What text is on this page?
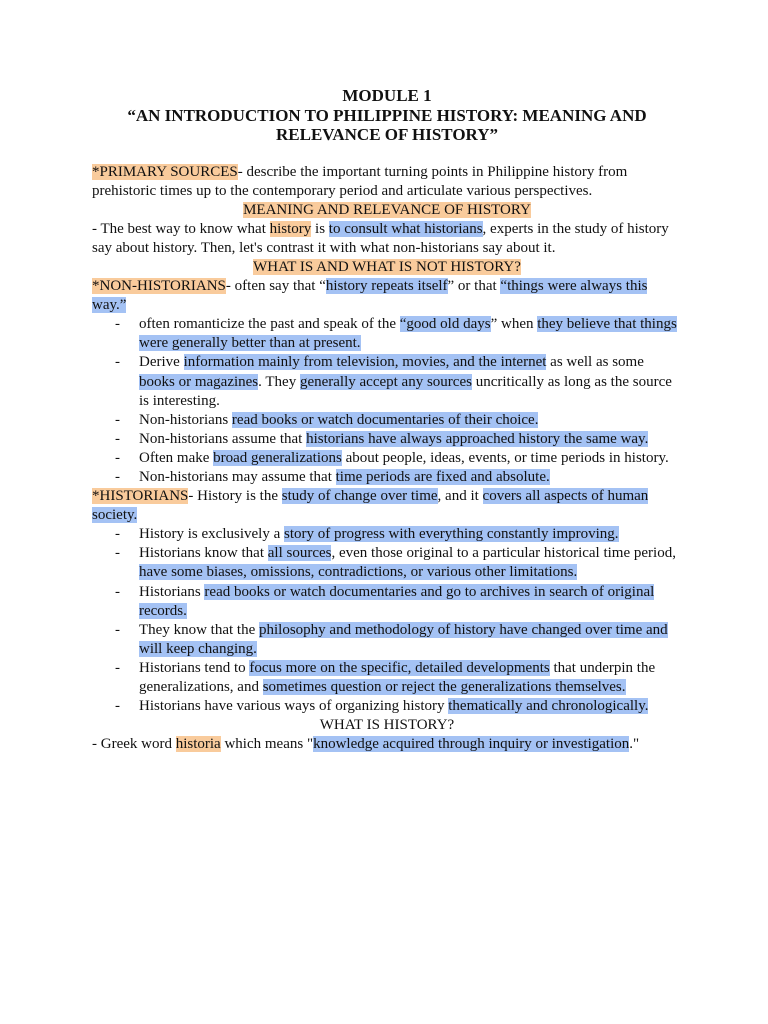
MODULE 1
“AN INTRODUCTION TO PHILIPPINE HISTORY: MEANING AND
RELEVANCE OF HISTORY”

*PRIMARY SOURCES- describe the important turning points in Philippine history from prehistoric times up to the contemporary period and articulate various perspectives.

MEANING AND RELEVANCE OF HISTORY

- The best way to know what history is to consult what historians, experts in the study of history say about history. Then, let's contrast it with what non-historians say about it.

WHAT IS AND WHAT IS NOT HISTORY?

*NON-HISTORIANS- often say that “history repeats itself” or that “things were always this way.”

- often romanticize the past and speak of the “good old days” when they believe that things were generally better than at present.
- Derive information mainly from television, movies, and the internet as well as some books or magazines. They generally accept any sources uncritically as long as the source is interesting.
- Non-historians read books or watch documentaries of their choice.
- Non-historians assume that historians have always approached history the same way.
- Often make broad generalizations about people, ideas, events, or time periods in history.
- Non-historians may assume that time periods are fixed and absolute.

*HISTORIANS- History is the study of change over time, and it covers all aspects of human society.

- History is exclusively a story of progress with everything constantly improving.
- Historians know that all sources, even those original to a particular historical time period, have some biases, omissions, contradictions, or various other limitations.
- Historians read books or watch documentaries and go to archives in search of original records.
- They know that the philosophy and methodology of history have changed over time and will keep changing.
- Historians tend to focus more on the specific, detailed developments that underpin the generalizations, and sometimes question or reject the generalizations themselves.
- Historians have various ways of organizing history thematically and chronologically.

WHAT IS HISTORY?

- Greek word historia which means "knowledge acquired through inquiry or investigation."
